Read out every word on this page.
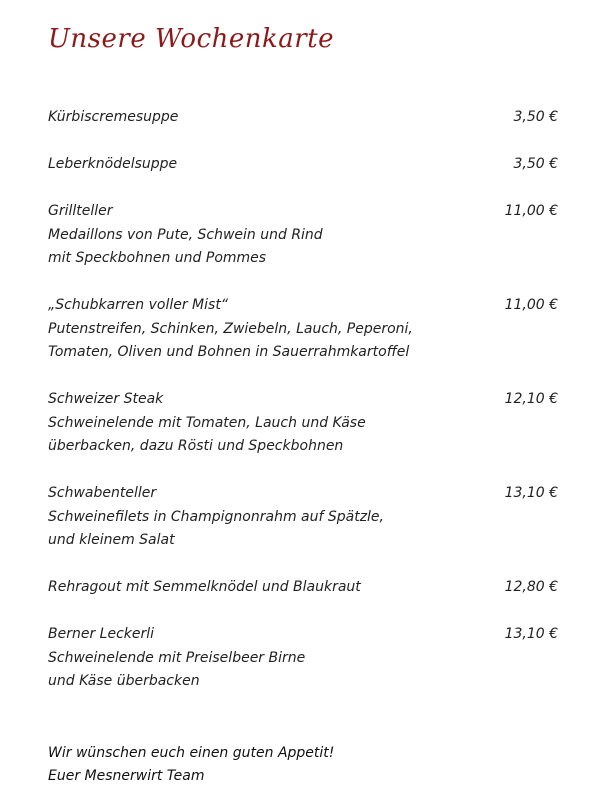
Unsere Wochenkarte
Kürbiscremesuppe	3,50 €
Leberknödelsuppe	3,50 €
Grillteller
Medaillons von Pute, Schwein und Rind
mit Speckbohnen und Pommes
11,00 €
„Schubkarren voller Mist“
Putenstreifen, Schinken, Zwiebeln, Lauch, Peperoni,
Tomaten, Oliven und Bohnen in Sauerrahmkartoffel
11,00 €
Schweizer Steak
Schweinelende mit Tomaten, Lauch und Käse
überbacken, dazu Rösti und Speckbohnen
12,10 €
Schwabenteller
Schweinefilets in Champignonrahm auf Spätzle,
und kleinem Salat
13,10 €
Rehragout mit Semmelknödel und Blaukraut	12,80 €
Berner Leckerli
Schweinelende mit Preiselbeer Birne
und Käse überbacken
13,10 €
Wir wünschen euch einen guten Appetit!
Euer Mesnerwirt Team
